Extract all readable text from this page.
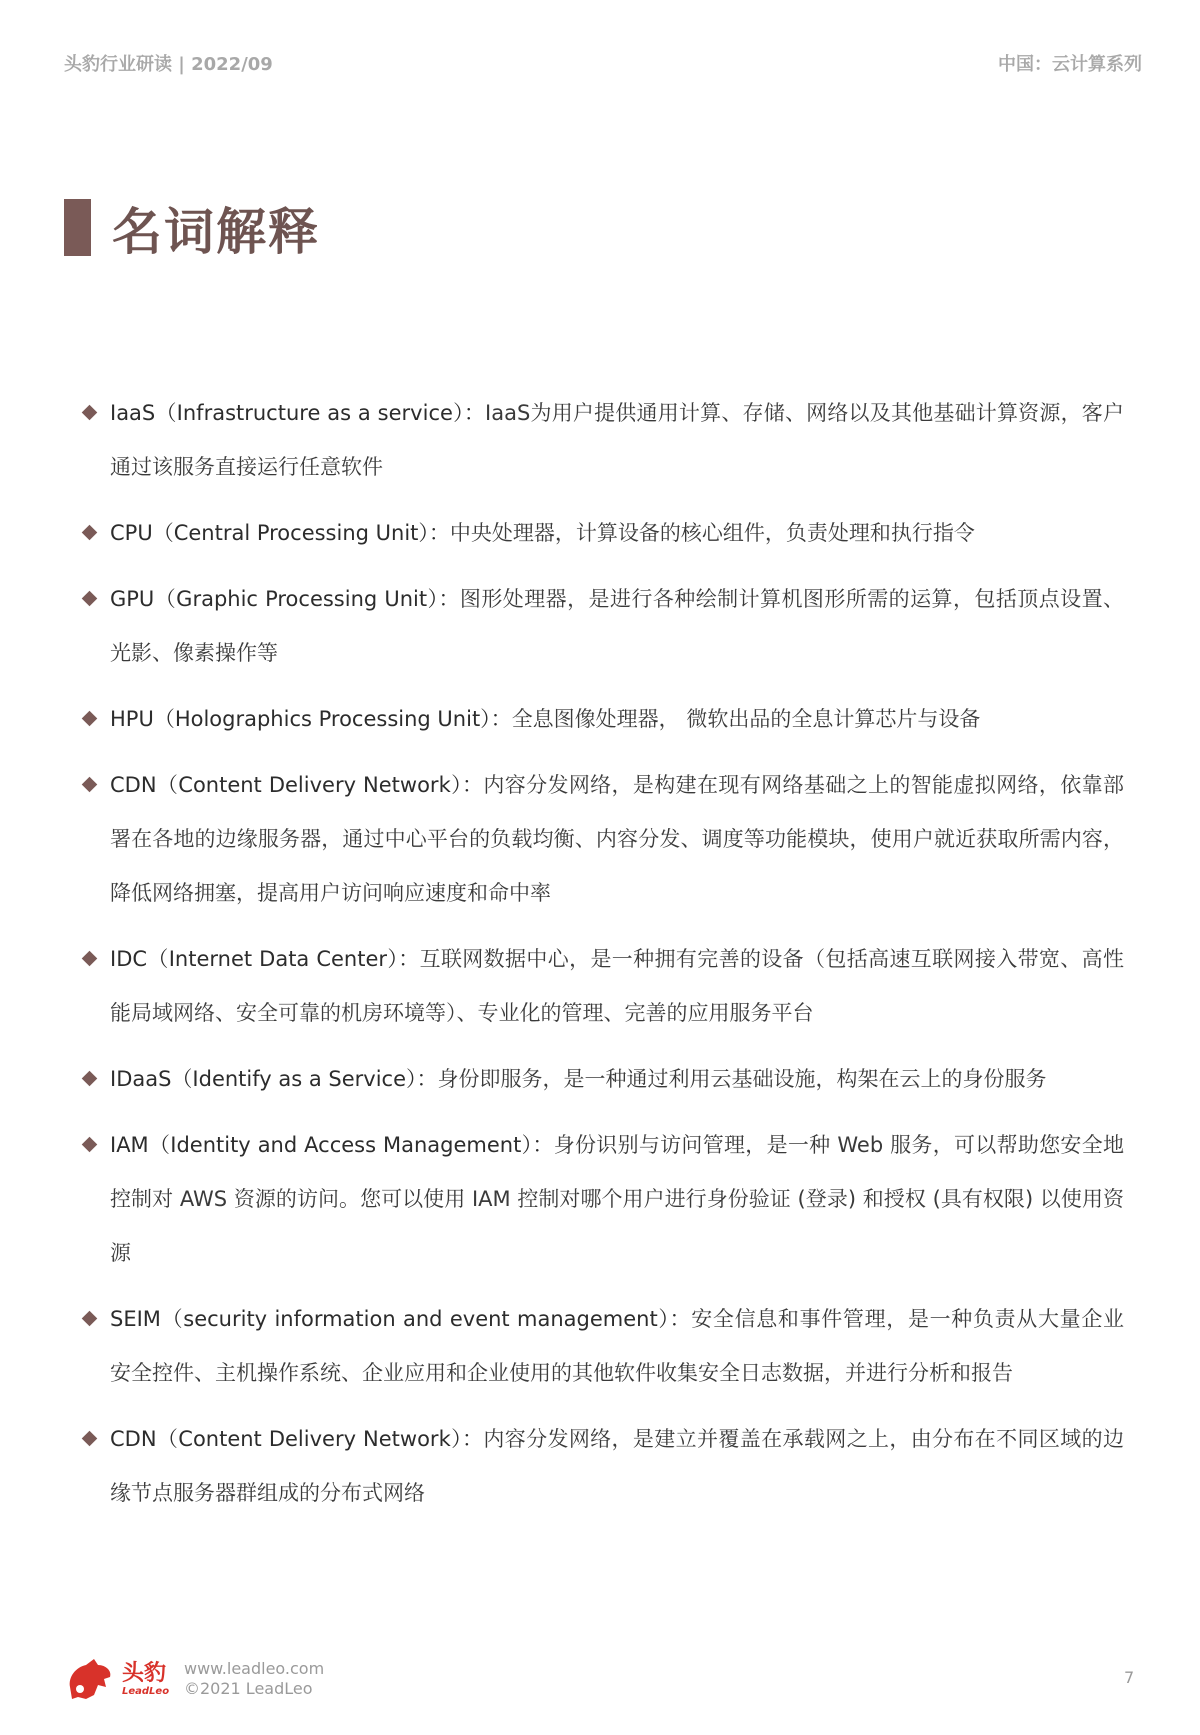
头豹行业研读 | 2022/09	中国：云计算系列
名词解释
IaaS（Infrastructure as a service）：IaaS为用户提供通用计算、存储、网络以及其他基础计算资源，客户通过该服务直接运行任意软件
CPU（Central Processing Unit）：中央处理器，计算设备的核心组件，负责处理和执行指令
GPU（Graphic Processing Unit）：图形处理器，是进行各种绘制计算机图形所需的运算，包括顶点设置、光影、像素操作等
HPU（Holographics Processing Unit）：全息图像处理器， 微软出品的全息计算芯片与设备
CDN（Content Delivery Network）：内容分发网络，是构建在现有网络基础之上的智能虚拟网络，依靠部署在各地的边缘服务器，通过中心平台的负载均衡、内容分发、调度等功能模块，使用户就近获取所需内容，降低网络拥塞，提高用户访问响应速度和命中率
IDC（Internet Data Center）：互联网数据中心，是一种拥有完善的设备（包括高速互联网接入带宽、高性能局域网络、安全可靠的机房环境等）、专业化的管理、完善的应用服务平台
IDaaS（Identify as a Service）：身份即服务，是一种通过利用云基础设施，构架在云上的身份服务
IAM（Identity and Access Management）：身份识别与访问管理，是一种 Web 服务，可以帮助您安全地控制对 AWS 资源的访问。您可以使用 IAM 控制对哪个用户进行身份验证 (登录) 和授权 (具有权限) 以使用资源
SEIM（security information and event management）：安全信息和事件管理，是一种负责从大量企业安全控件、主机操作系统、企业应用和企业使用的其他软件收集安全日志数据，并进行分析和报告
CDN（Content Delivery Network）：内容分发网络，是建立并覆盖在承载网之上，由分布在不同区域的边缘节点服务器群组成的分布式网络
头豹
LeadLeo
www.leadleo.com
©2021 LeadLeo
7
